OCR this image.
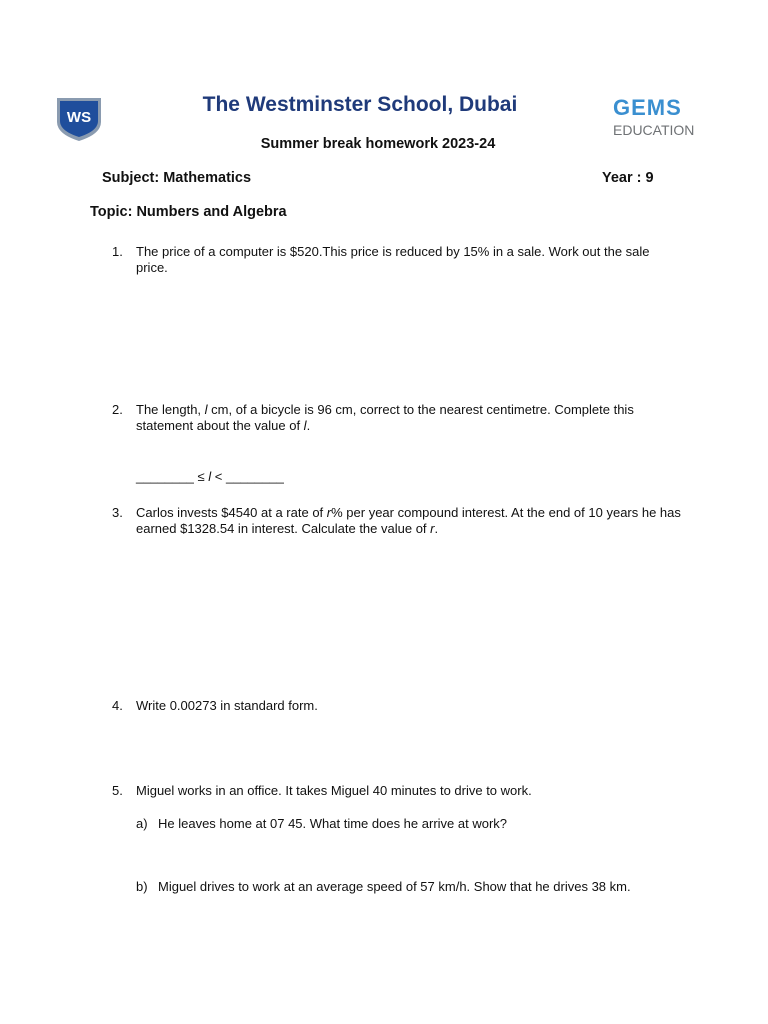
WS	GEMS
EDUCATION
The Westminster School, Dubai
Summer break homework 2023-24
Subject: Mathematics	Year : 9
Topic: Numbers and Algebra
1.	The price of a computer is $520.This price is reduced by 15% in a sale. Work out the sale price.
2.	The length, l cm, of a bicycle is 96 cm, correct to the nearest centimetre. Complete this statement about the value of l.
________ ≤ l < ________
3.	Carlos invests $4540 at a rate of r% per year compound interest. At the end of 10 years he has earned $1328.54 in interest. Calculate the value of r.
4.	Write 0.00273 in standard form.
5.	Miguel works in an office. It takes Miguel 40 minutes to drive to work.
a) He leaves home at 07 45. What time does he arrive at work?
b) Miguel drives to work at an average speed of 57 km/h. Show that he drives 38 km.
